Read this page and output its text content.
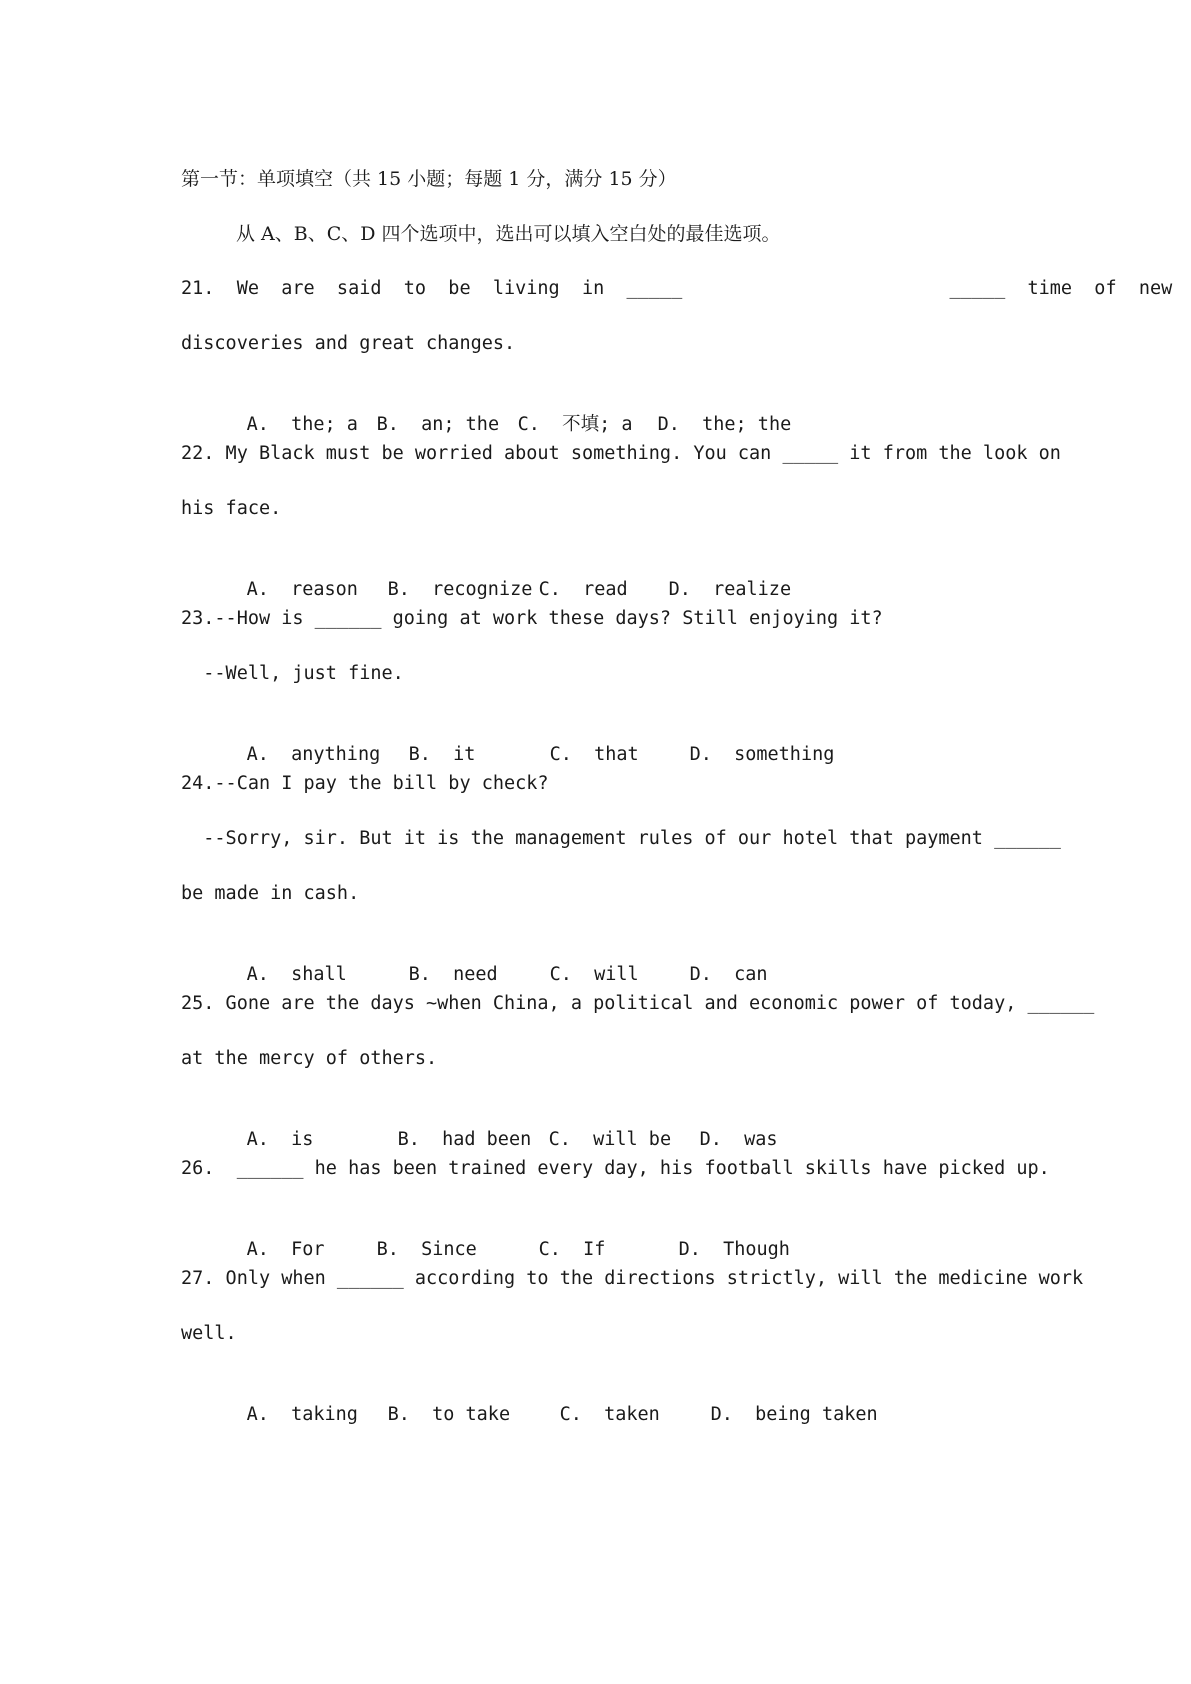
第一节：单项填空（共 15 小题；每题 1 分，满分 15 分）
从 A、B、C、D 四个选项中，选出可以填入空白处的最佳选项。
21.  We  are  said  to  be  living  in  _____                        _____  time  of  new
discoveries and great changes.

A.  the; a B.  an; the C.  不填; a D.  the; the

22. My Black must be worried about something. You can _____ it from the look on
his face.

A.  reason B.  recognize C.  read D.  realize

23.--How is ______ going at work these days? Still enjoying it?
--Well, just fine.

A.  anything B.  it	C.  that	D.  something

24.--Can I pay the bill by check?
--Sorry, sir. But it is the management rules of our hotel that payment ______
be made in cash.

A.  shall	B.  need	C.  will	D.  can

25. Gone are the days ~when China, a political and economic power of today, ______
at the mercy of others.

A.  is	B.  had been C.  will be D.  was

26.  ______ he has been trained every day, his football skills have picked up.

A.  For	B.  Since	C.  If	D.  Though

27. Only when ______ according to the directions strictly, will the medicine work
well.

A.  taking B.  to take	C.  taken	D.  being taken
